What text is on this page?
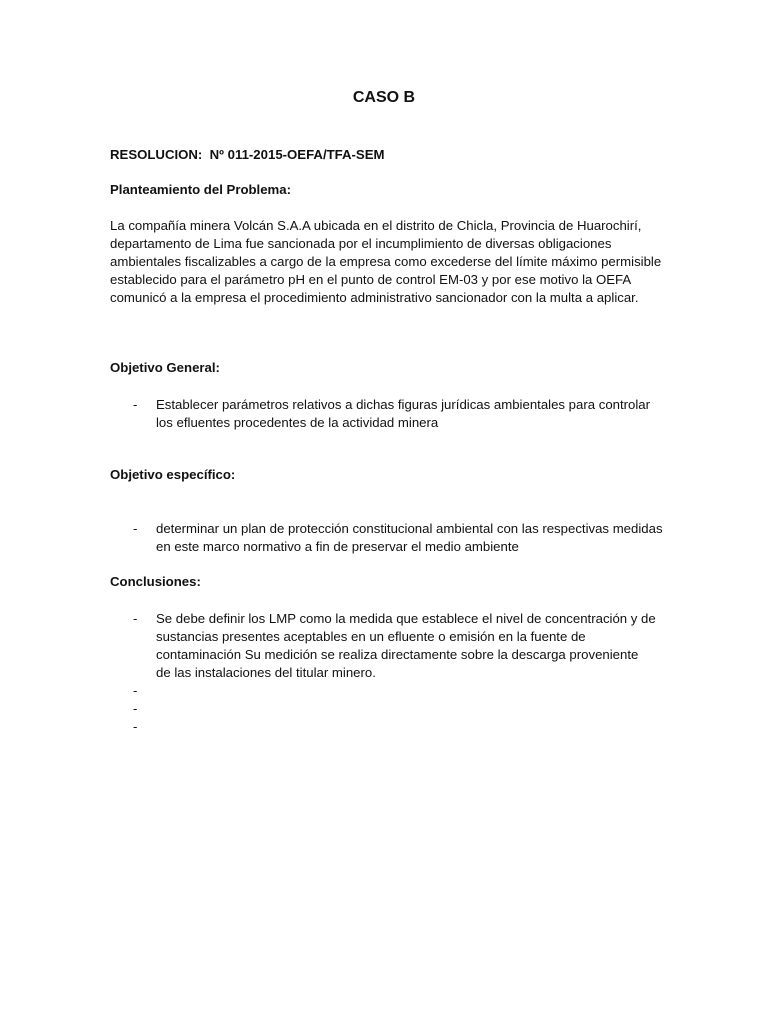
CASO B
RESOLUCION: Nº 011-2015-OEFA/TFA-SEM
Planteamiento del Problema:
La compañía minera Volcán S.A.A ubicada en el distrito de Chicla, Provincia de Huarochirí, departamento de Lima fue sancionada por el incumplimiento de diversas obligaciones ambientales fiscalizables a cargo de la empresa como excederse del límite máximo permisible establecido para el parámetro pH en el punto de control EM-03 y por ese motivo la OEFA comunicó a la empresa el procedimiento administrativo sancionador con la multa a aplicar.
Objetivo General:
- Establecer parámetros relativos a dichas figuras jurídicas ambientales para controlar los efluentes procedentes de la actividad minera
Objetivo específico:
- determinar un plan de protección constitucional ambiental con las respectivas medidas en este marco normativo a fin de preservar el medio ambiente
Conclusiones:
- Se debe definir los LMP como la medida que establece el nivel de concentración y de sustancias presentes aceptables en un efluente o emisión en la fuente de contaminación Su medición se realiza directamente sobre la descarga proveniente de las instalaciones del titular minero.
-
-
-
